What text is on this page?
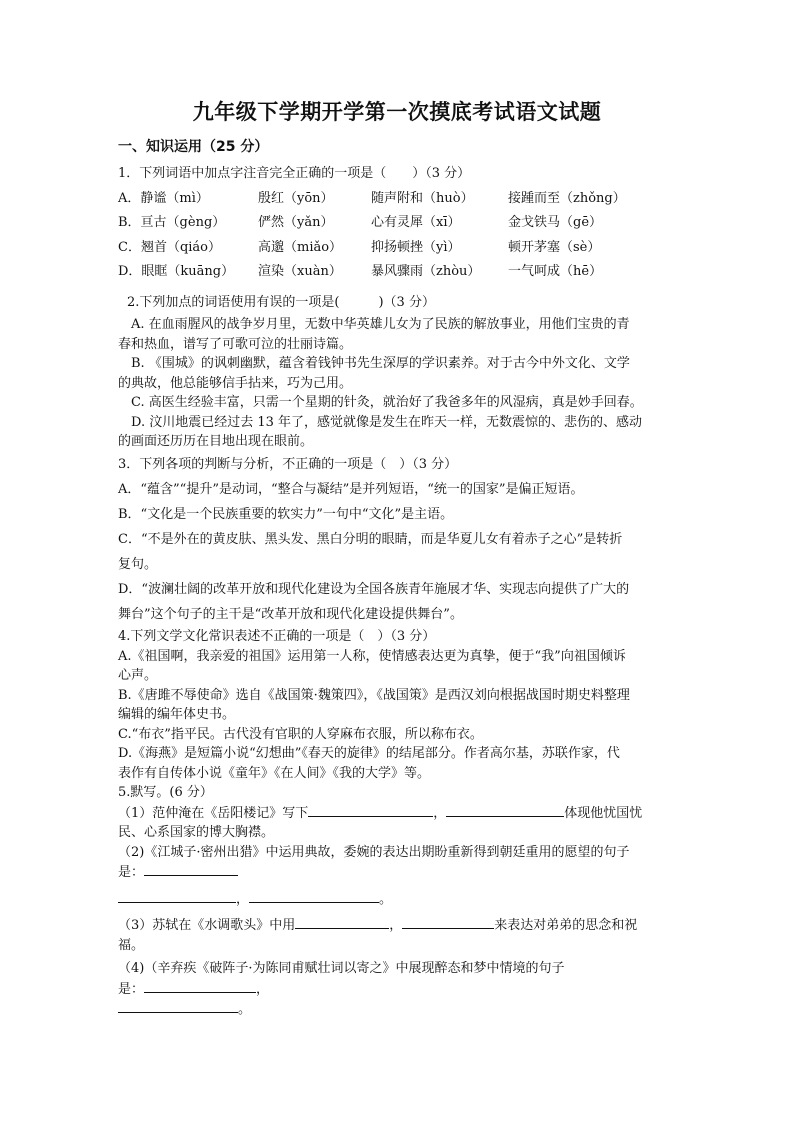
九年级下学期开学第一次摸底考试语文试题
一、知识运用（25 分）
1．下列词语中加点字注音完全正确的一项是（　　）（3 分）
A．静谧（mì）	殷红（yōn）	随声附和（huò）	接踵而至（zhǒng）
B．亘古（gèng）	俨然（yǎn）	心有灵犀（xī）	金戈铁马（gē）
C．翘首（qiáo）	高邈（miǎo）	抑扬顿挫（yì）	顿开茅塞（sè）
D．眼眶（kuāng）	渲染（xuàn）	暴风骤雨（zhòu）	一气呵成（hē）
2.下列加点的词语使用有误的一项是(　　　)（3 分）
A. 在血雨腥风的战争岁月里，无数中华英雄儿女为了民族的解放事业，用他们宝贵的青
春和热血，谱写了可歌可泣的壮丽诗篇。
B. 《围城》的讽刺幽默，蕴含着钱钟书先生深厚的学识素养。对于古今中外文化、文学
的典故，他总能够信手拈来，巧为己用。
C. 高医生经验丰富，只需一个星期的针灸，就治好了我爸多年的风湿病，真是妙手回春。
D. 汶川地震已经过去 13 年了，感觉就像是发生在昨天一样，无数震惊的、悲伤的、感动
的画面还历历在目地出现在眼前。
3．下列各项的判断与分析，不正确的一项是（　）（3 分）
A．“蕴含”“提升”是动词，“整合与凝结”是并列短语，“统一的国家”是偏正短语。
B．“文化是一个民族重要的软实力”一句中“文化”是主语。
C．“不是外在的黄皮肤、黑头发、黑白分明的眼睛，而是华夏儿女有着赤子之心”是转折
复句。
D．“波澜壮阔的改革开放和现代化建设为全国各族青年施展才华、实现志向提供了广大的
舞台”这个句子的主干是“改革开放和现代化建设提供舞台”。
4.下列文学文化常识表述不正确的一项是（　）（3 分）
A.《祖国啊，我亲爱的祖国》运用第一人称，使情感表达更为真挚，便于“我”向祖国倾诉
心声。
B.《唐雎不辱使命》选自《战国策·魏策四》，《战国策》是西汉刘向根据战国时期史料整理
编辑的编年体史书。
C.“布衣”指平民。古代没有官职的人穿麻布衣服，所以称布衣。
D.《海燕》是短篇小说“幻想曲”《春天的旋律》的结尾部分。作者高尔基，苏联作家，代
表作有自传体小说《童年》《在人间》《我的大学》等。
5.默写。(6 分）
（1）范仲淹在《岳阳楼记》写下	，	体现他忧国忧
民、心系国家的博大胸襟。
（2)《江城子·密州出猎》中运用典故，委婉的表达出期盼重新得到朝廷重用的愿望的句子
是：
，	。
（3）苏轼在《水调歌头》中用	，	来表达对弟弟的思念和祝
福。
（4)（辛弃疾《破阵子·为陈同甫赋壮词以寄之》中展现醉态和梦中情境的句子
是：	，
。
